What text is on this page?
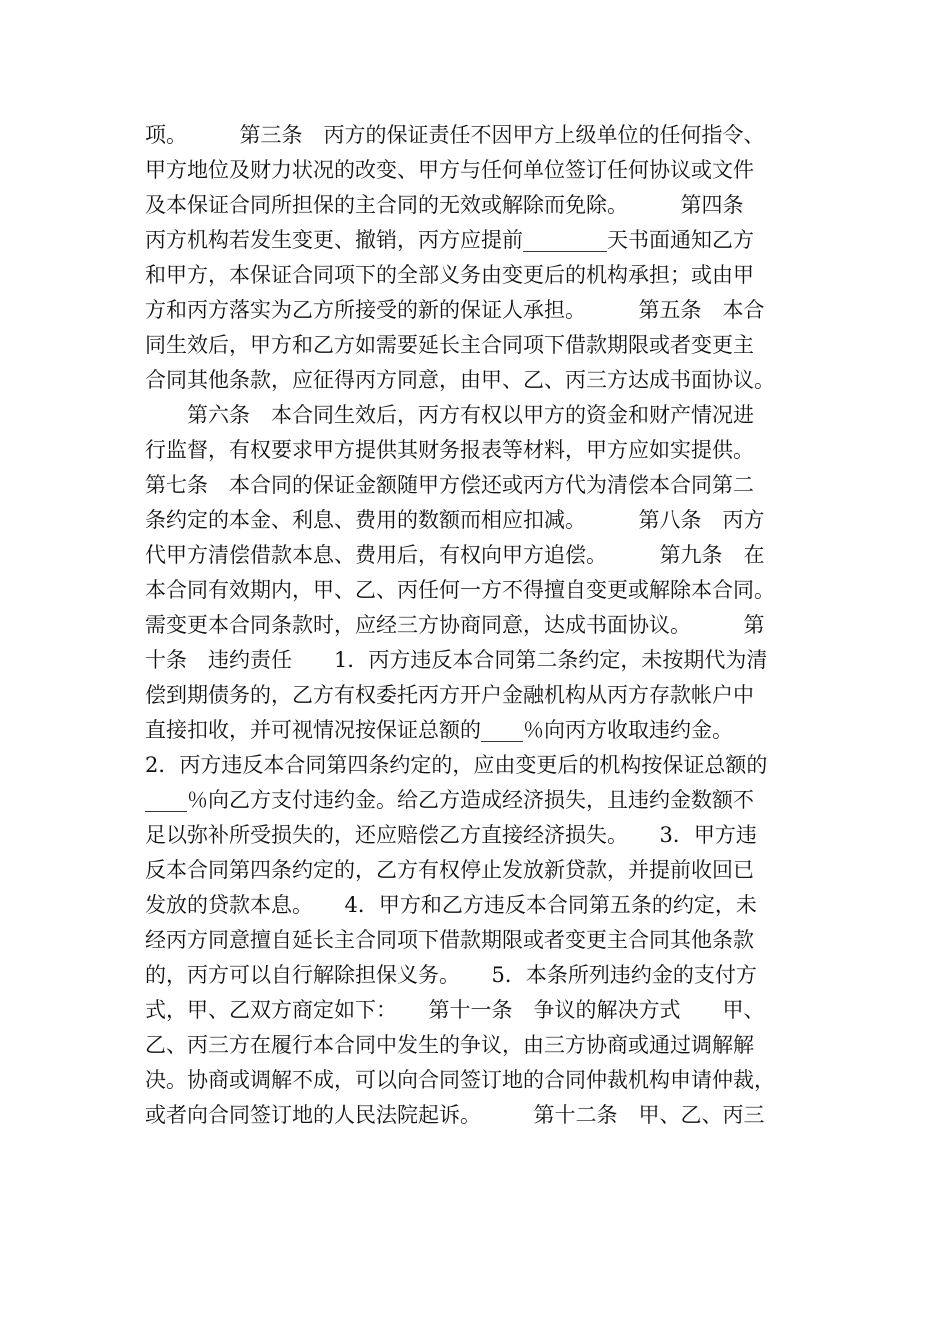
项。　　　第三条　丙方的保证责任不因甲方上级单位的任何指令、
甲方地位及财力状况的改变、甲方与任何单位签订任何协议或文件
及本保证合同所担保的主合同的无效或解除而免除。　　　第四条
丙方机构若发生变更、撤销，丙方应提前________天书面通知乙方
和甲方，本保证合同项下的全部义务由变更后的机构承担；或由甲
方和丙方落实为乙方所接受的新的保证人承担。　　　第五条　本合
同生效后，甲方和乙方如需要延长主合同项下借款期限或者变更主
合同其他条款，应征得丙方同意，由甲、乙、丙三方达成书面协议。
　　第六条　本合同生效后，丙方有权以甲方的资金和财产情况进
行监督，有权要求甲方提供其财务报表等材料，甲方应如实提供。
第七条　本合同的保证金额随甲方偿还或丙方代为清偿本合同第二
条约定的本金、利息、费用的数额而相应扣减。　　　第八条　丙方
代甲方清偿借款本息、费用后，有权向甲方追偿。　　　第九条　在
本合同有效期内，甲、乙、丙任何一方不得擅自变更或解除本合同。
需变更本合同条款时，应经三方协商同意，达成书面协议。　　　第
十条　违约责任　　1．丙方违反本合同第二条约定，未按期代为清
偿到期债务的，乙方有权委托丙方开户金融机构从丙方存款帐户中
直接扣收，并可视情况按保证总额的____％向丙方收取违约金。
2．丙方违反本合同第四条约定的，应由变更后的机构按保证总额的
____％向乙方支付违约金。给乙方造成经济损失，且违约金数额不
足以弥补所受损失的，还应赔偿乙方直接经济损失。　　3．甲方违
反本合同第四条约定的，乙方有权停止发放新贷款，并提前收回已
发放的贷款本息。　　4．甲方和乙方违反本合同第五条的约定，未
经丙方同意擅自延长主合同项下借款期限或者变更主合同其他条款
的，丙方可以自行解除担保义务。　　5．本条所列违约金的支付方
式，甲、乙双方商定如下：　　第十一条　争议的解决方式　　甲、
乙、丙三方在履行本合同中发生的争议，由三方协商或通过调解解
决。协商或调解不成，可以向合同签订地的合同仲裁机构申请仲裁，
或者向合同签订地的人民法院起诉。　　　第十二条　甲、乙、丙三
